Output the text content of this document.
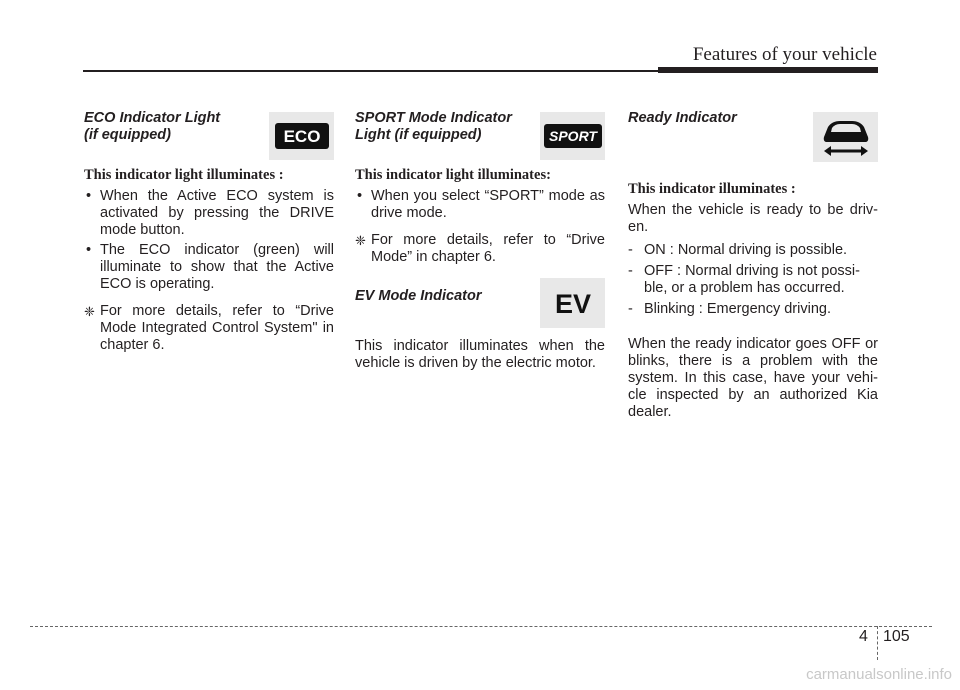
Features of your vehicle
ECO Indicator Light
(if equipped)	ECO
This indicator light illuminates :
• When the Active ECO system is activated by pressing the DRIVE mode button.
• The ECO indicator (green) will illuminate to show that the Active ECO is operating.
❈ For more details, refer to “Drive Mode Integrated Control System" in chapter 6.
SPORT Mode Indicator
Light (if equipped)	SPORT
This indicator light illuminates:
• When you select “SPORT” mode as drive mode.
❈ For more details, refer to “Drive Mode” in chapter 6.
EV Mode Indicator	EV
This indicator illuminates when the vehicle is driven by the electric motor.
Ready Indicator
This indicator illuminates :
When the vehicle is ready to be driv-en.
- ON : Normal driving is possible.
- OFF : Normal driving is not possi-ble, or a problem has occurred.
- Blinking : Emergency driving.
When the ready indicator goes OFF or blinks, there is a problem with the system. In this case, have your vehi-cle inspected by an authorized Kia dealer.
4 105
carmanualsonline.info
